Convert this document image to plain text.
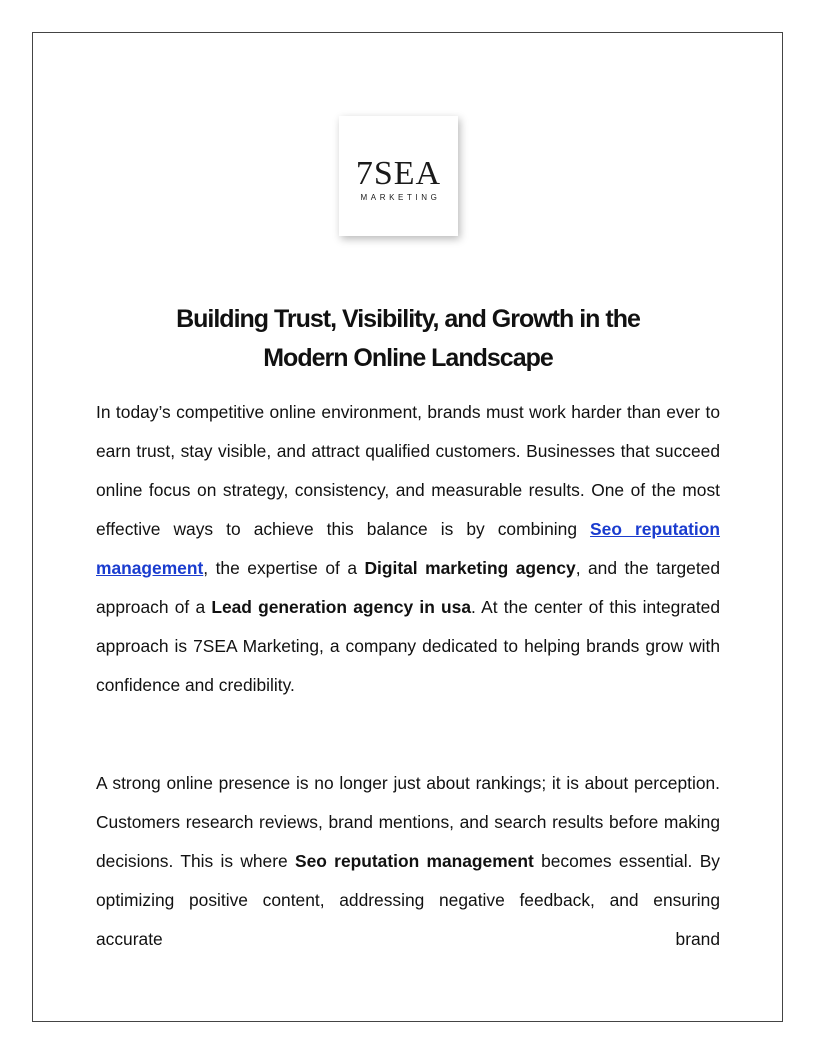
7SEA
MARKETING
Building Trust, Visibility, and Growth in the
Modern Online Landscape

In today’s competitive online environment, brands must work harder than ever to earn trust, stay visible, and attract qualified customers. Businesses that succeed online focus on strategy, consistency, and measurable results. One of the most effective ways to achieve this balance is by combining Seo reputation management, the expertise of a Digital marketing agency, and the targeted approach of a Lead generation agency in usa. At the center of this integrated approach is 7SEA Marketing, a company dedicated to helping brands grow with confidence and credibility.

A strong online presence is no longer just about rankings; it is about perception. Customers research reviews, brand mentions, and search results before making decisions. This is where Seo reputation management becomes essential. By optimizing positive content, addressing negative feedback, and ensuring accurate brand
